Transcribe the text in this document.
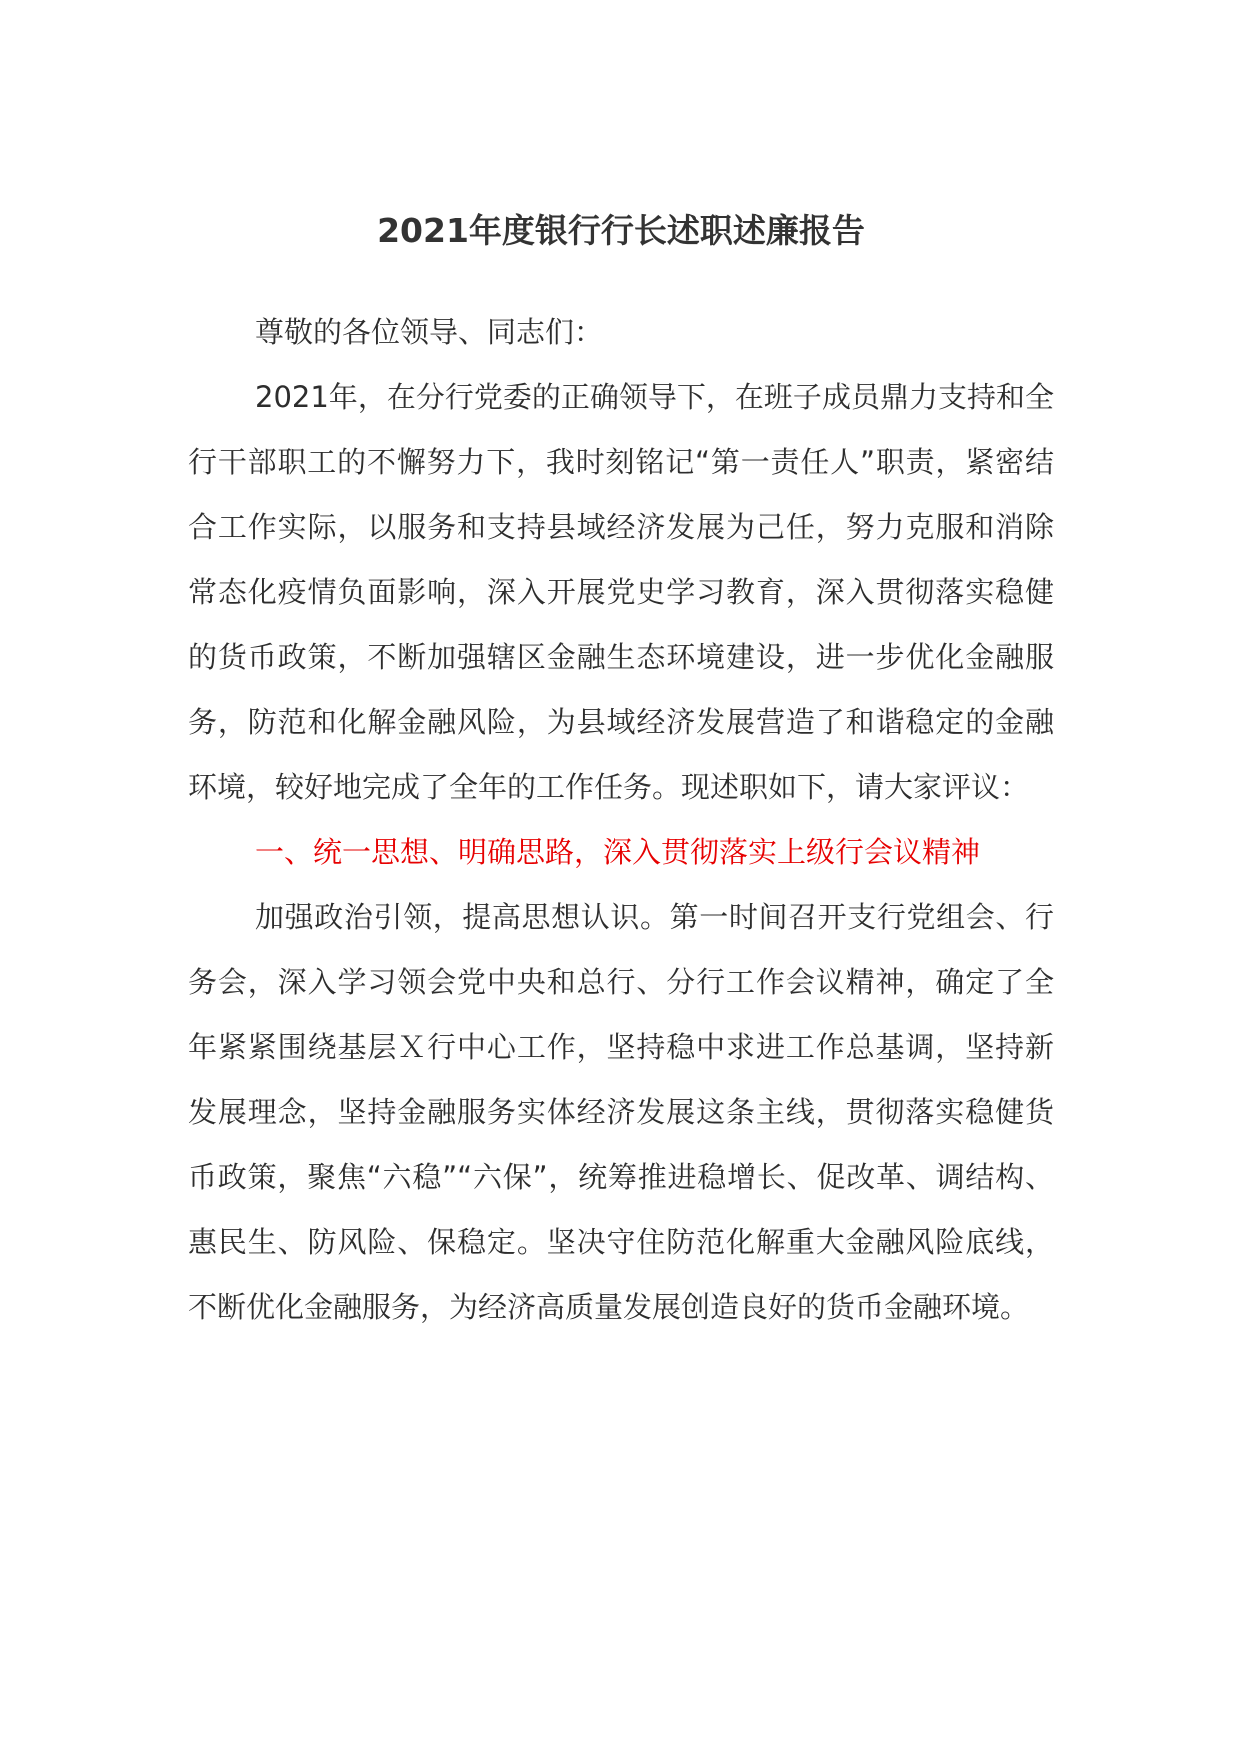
2021年度银行行长述职述廉报告

尊敬的各位领导、同志们：

2021年，在分行党委的正确领导下，在班子成员鼎力支持和全行干部职工的不懈努力下，我时刻铭记“第一责任人”职责，紧密结合工作实际，以服务和支持县域经济发展为己任，努力克服和消除常态化疫情负面影响，深入开展党史学习教育，深入贯彻落实稳健的货币政策，不断加强辖区金融生态环境建设，进一步优化金融服务，防范和化解金融风险，为县域经济发展营造了和谐稳定的金融环境，较好地完成了全年的工作任务。现述职如下，请大家评议：

一、统一思想、明确思路，深入贯彻落实上级行会议精神

加强政治引领，提高思想认识。第一时间召开支行党组会、行务会，深入学习领会党中央和总行、分行工作会议精神，确定了全年紧紧围绕基层Ｘ行中心工作，坚持稳中求进工作总基调，坚持新发展理念，坚持金融服务实体经济发展这条主线，贯彻落实稳健货币政策，聚焦“六稳”“六保”，统筹推进稳增长、促改革、调结构、惠民生、防风险、保稳定。坚决守住防范化解重大金融风险底线，不断优化金融服务，为经济高质量发展创造良好的货币金融环境。
